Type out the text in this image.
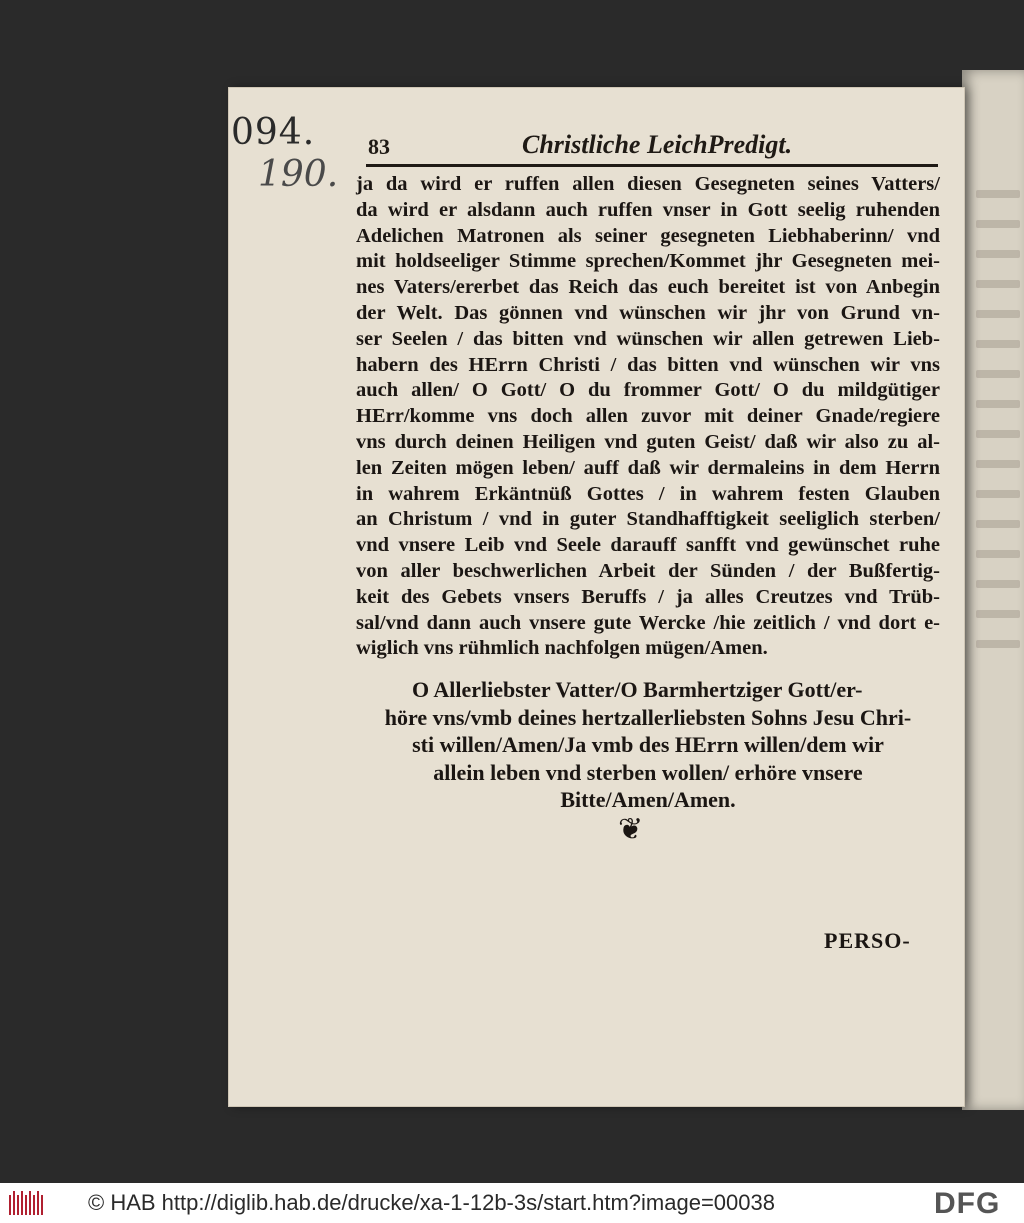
094.
190.
83	Christliche LeichPredigt.
ja da wird er ruffen allen diesen Gesegneten seines Vatters/
da wird er alsdann auch ruffen vnser in Gott seelig ruhenden
Adelichen Matronen als seiner gesegneten Liebhaberinn/ vnd
mit holdseeliger Stimme sprechen/Kommet jhr Gesegneten mei-
nes Vaters/ererbet das Reich das euch bereitet ist von Anbegin
der Welt. Das gönnen vnd wünschen wir jhr von Grund vn-
ser Seelen / das bitten vnd wünschen wir allen getrewen Lieb-
habern des HErrn Christi / das bitten vnd wünschen wir vns
auch allen/ O Gott/ O du frommer Gott/ O du mildgütiger
HErr/komme vns doch allen zuvor mit deiner Gnade/regiere
vns durch deinen Heiligen vnd guten Geist/ daß wir also zu al-
len Zeiten mögen leben/ auff daß wir dermaleins in dem Herrn
in wahrem Erkäntnüß Gottes / in wahrem festen Glauben
an Christum / vnd in guter Standhafftigkeit seeliglich sterben/
vnd vnsere Leib vnd Seele darauff sanfft vnd gewünschet ruhe
von aller beschwerlichen Arbeit der Sünden / der Bußfertig-
keit des Gebets vnsers Beruffs / ja alles Creutzes vnd Trüb-
sal/vnd dann auch vnsere gute Wercke /hie zeitlich / vnd dort e-
wiglich vns rühmlich nachfolgen mügen/Amen.
O Allerliebster Vatter/O Barmhertziger Gott/er-
höre vns/vmb deines hertzallerliebsten Sohns Jesu Chri-
sti willen/Amen/Ja vmb des HErrn willen/dem wir
allein leben vnd sterben wollen/ erhöre vnsere
Bitte/Amen/Amen.
❦
PERSO-
© HAB http://diglib.hab.de/drucke/xa-1-12b-3s/start.htm?image=00038	DFG
